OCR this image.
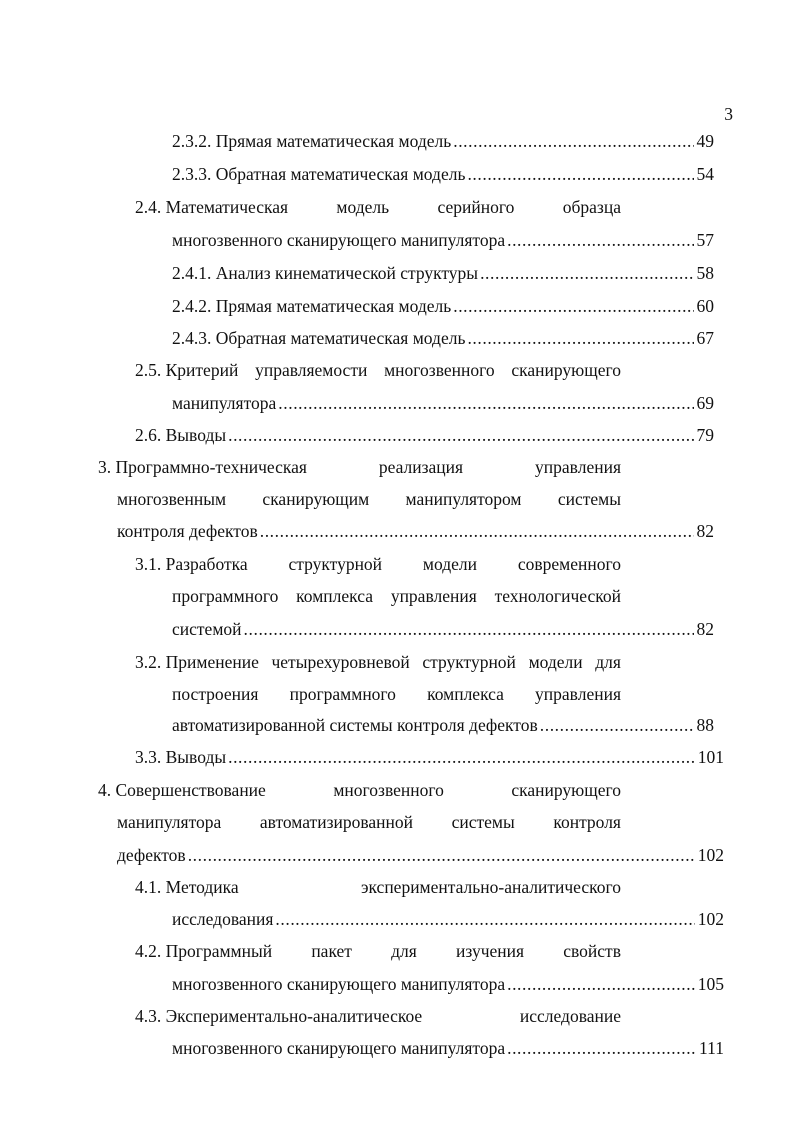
3
2.3.2. Прямая математическая модель .....	49
2.3.3. Обратная математическая модель .....	54
2.4. Математическая	модель	серийного	образца
многозвенного сканирующего манипулятора .....	57
2.4.1. Анализ кинематической структуры .....	58
2.4.2. Прямая математическая модель .....	60
2.4.3. Обратная математическая модель .....	67
2.5. Критерий управляемости многозвенного сканирующего
манипулятора .....	69
2.6. Выводы .....	79
3. Программно-техническая	реализация	управления
многозвенным сканирующим манипулятором системы
контроля дефектов .....	82
3.1. Разработка структурной модели современного
программного комплекса управления технологической
системой .....	82
3.2. Применение четырехуровневой структурной модели для
построения программного комплекса управления
автоматизированной системы контроля дефектов .....	88
3.3. Выводы .....	101
4. Совершенствование	многозвенного	сканирующего
манипулятора автоматизированной системы контроля
дефектов .....	102
4.1. Методика	экспериментально-аналитического
исследования .....	102
4.2. Программный пакет для изучения свойств
многозвенного сканирующего манипулятора .....	105
4.3. Экспериментально-аналитическое	исследование
многозвенного сканирующего манипулятора .....	111
